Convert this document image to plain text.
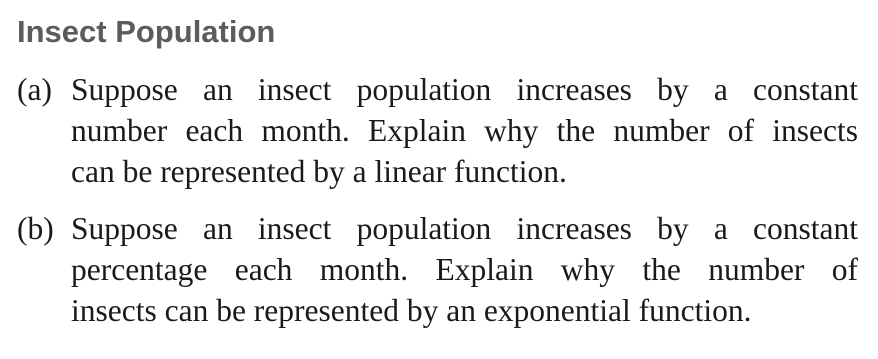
Insect Population
(a) Suppose an insect population increases by a constant
number each month. Explain why the number of insects
can be represented by a linear function.
(b) Suppose an insect population increases by a constant
percentage each month. Explain why the number of
insects can be represented by an exponential function.
